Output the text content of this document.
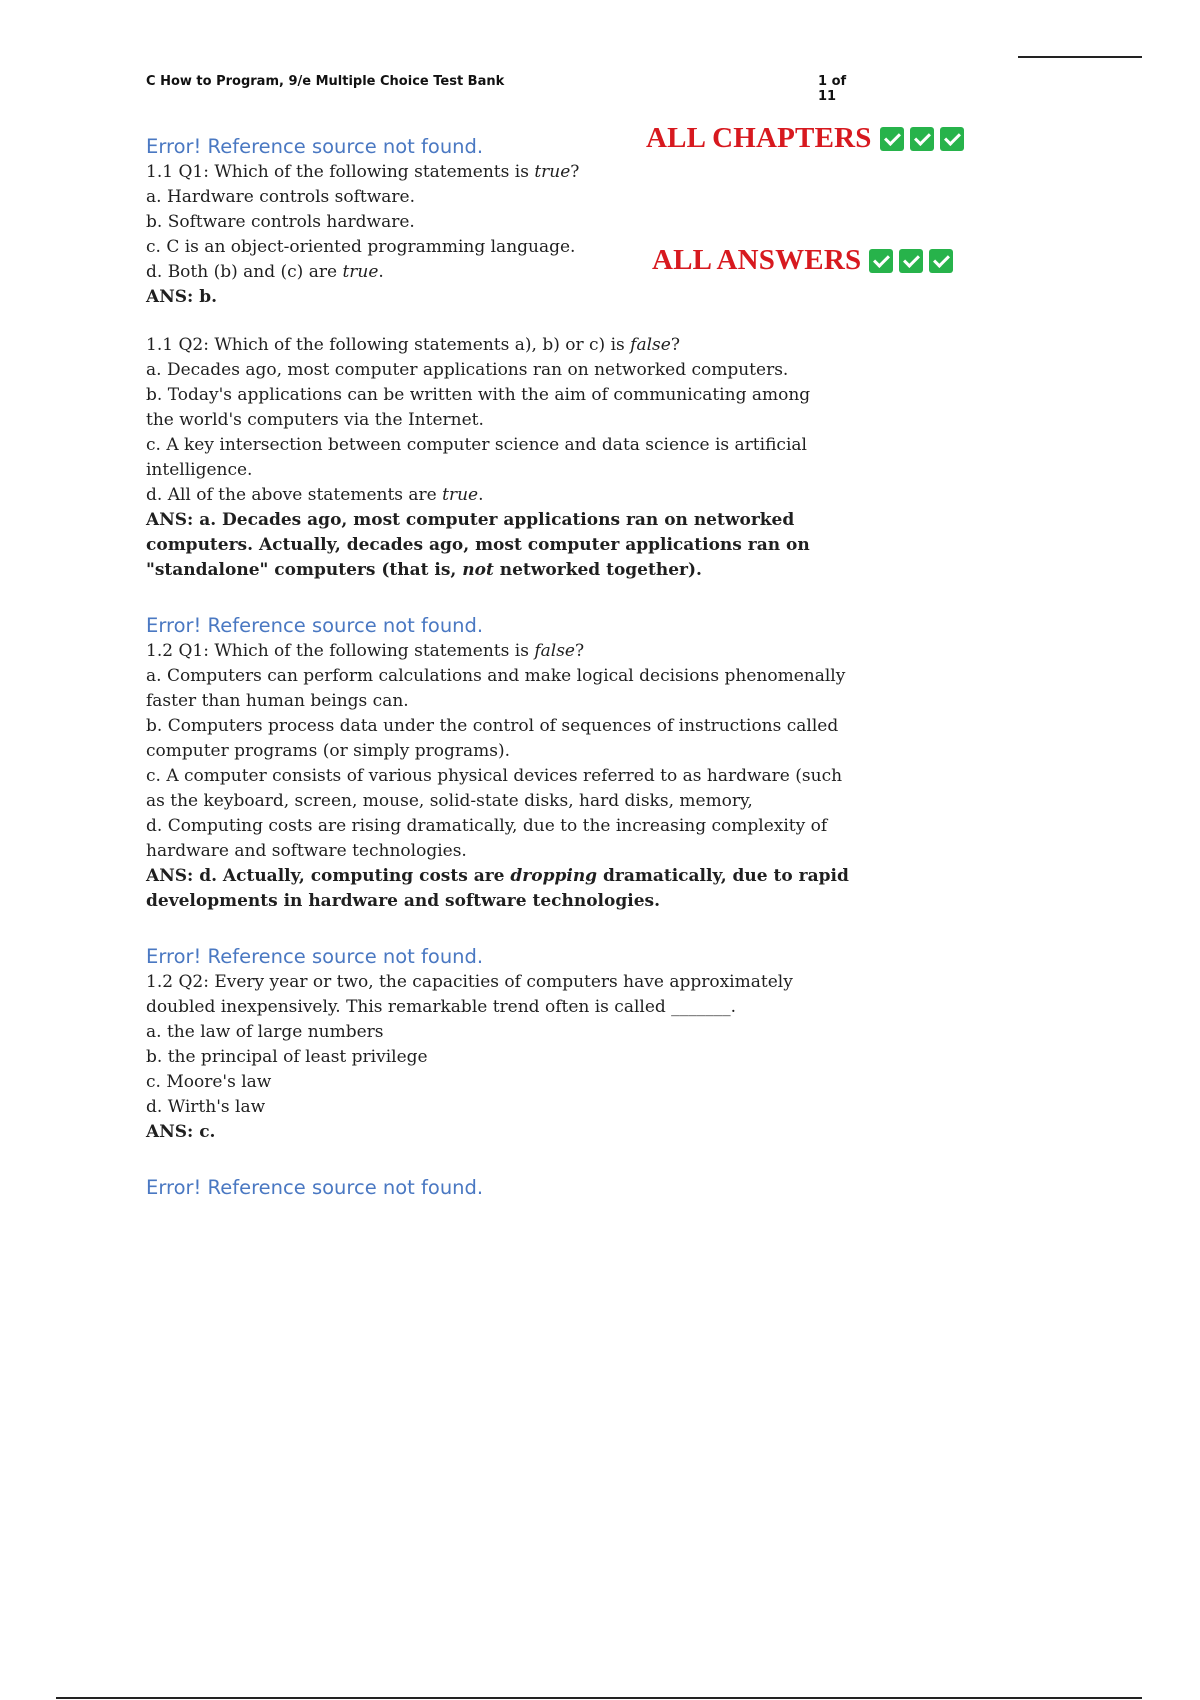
C How to Program, 9/e Multiple Choice Test Bank	1 of 11
ALL CHAPTERS
ALL ANSWERS

Error! Reference source not found.

1.1 Q1: Which of the following statements is true?

a. Hardware controls software.

b. Software controls hardware.

c. C is an object-oriented programming language.

d. Both (b) and (c) are true.

ANS: b.

1.1 Q2: Which of the following statements a), b) or c) is false?

a. Decades ago, most computer applications ran on networked computers.

b. Today's applications can be written with the aim of communicating among

the world's computers via the Internet.

c. A key intersection between computer science and data science is artificial

intelligence.

d. All of the above statements are true.

ANS: a. Decades ago, most computer applications ran on networked

computers. Actually, decades ago, most computer applications ran on

"standalone" computers (that is, not networked together).

Error! Reference source not found.

1.2 Q1: Which of the following statements is false?

a. Computers can perform calculations and make logical decisions phenomenally

faster than human beings can.

b. Computers process data under the control of sequences of instructions called

computer programs (or simply programs).

c. A computer consists of various physical devices referred to as hardware (such

as the keyboard, screen, mouse, solid-state disks, hard disks, memory,

d. Computing costs are rising dramatically, due to the increasing complexity of

hardware and software technologies.

ANS: d. Actually, computing costs are dropping dramatically, due to rapid

developments in hardware and software technologies.

Error! Reference source not found.

1.2 Q2: Every year or two, the capacities of computers have approximately

doubled inexpensively. This remarkable trend often is called _______.

a. the law of large numbers

b. the principal of least privilege

c. Moore's law

d. Wirth's law

ANS: c.

Error! Reference source not found.
